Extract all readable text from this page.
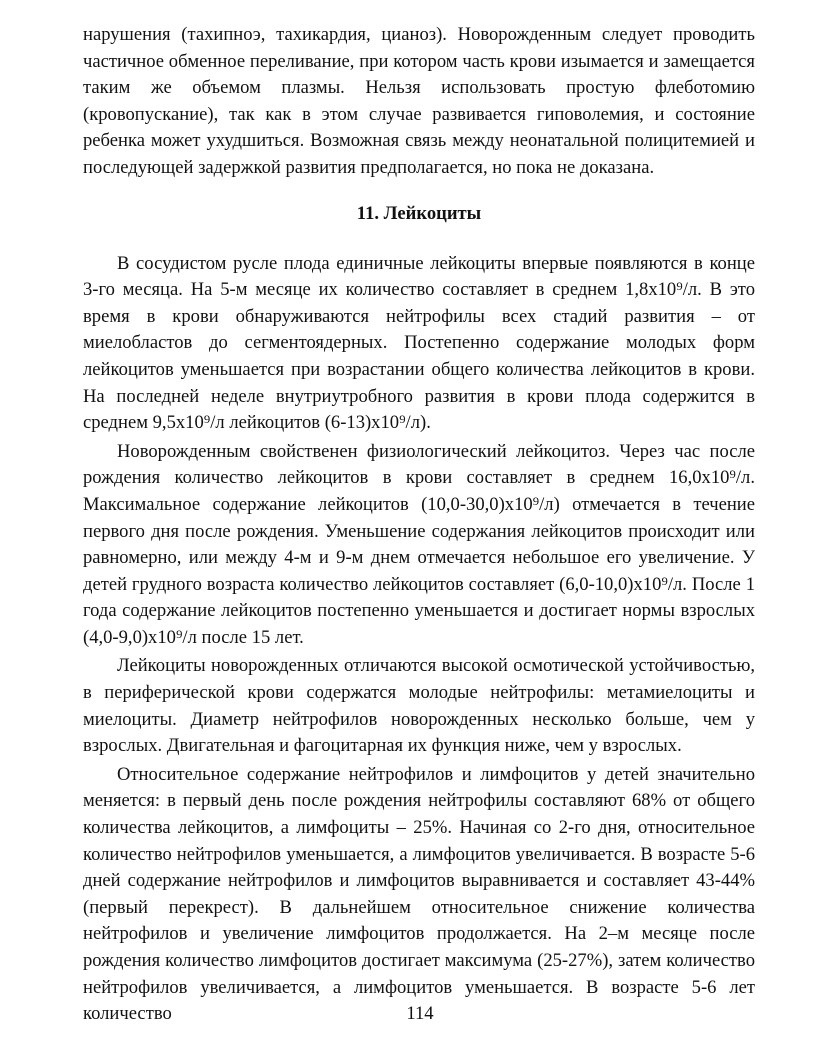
нарушения (тахипноэ, тахикардия, цианоз). Новорожденным следует проводить частичное обменное переливание, при котором часть крови изымается и замещается таким же объемом плазмы. Нельзя использовать простую флеботомию (кровопускание), так как в этом случае развивается гиповолемия, и состояние ребенка может ухудшиться. Возможная связь между неонатальной полицитемией и последующей задержкой развития предполагается, но пока не доказана.

11. Лейкоциты

В сосудистом русле плода единичные лейкоциты впервые появляются в конце 3-го месяца. На 5-м месяце их количество составляет в среднем 1,8x10⁹/л. В это время в крови обнаруживаются нейтрофилы всех стадий развития – от миелобластов до сегментоядерных. Постепенно содержание молодых форм лейкоцитов уменьшается при возрастании общего количества лейкоцитов в крови. На последней неделе внутриутробного развития в крови плода содержится в среднем 9,5x10⁹/л лейкоцитов (6-13)x10⁹/л).

Новорожденным свойственен физиологический лейкоцитоз. Через час после рождения количество лейкоцитов в крови составляет в среднем 16,0x10⁹/л. Максимальное содержание лейкоцитов (10,0-30,0)x10⁹/л) отмечается в течение первого дня после рождения. Уменьшение содержания лейкоцитов происходит или равномерно, или между 4-м и 9-м днем отмечается небольшое его увеличение. У детей грудного возраста количество лейкоцитов составляет (6,0-10,0)x10⁹/л. После 1 года содержание лейкоцитов постепенно уменьшается и достигает нормы взрослых (4,0-9,0)x10⁹/л после 15 лет.

Лейкоциты новорожденных отличаются высокой осмотической устойчивостью, в периферической крови содержатся молодые нейтрофилы: метамиелоциты и миелоциты. Диаметр нейтрофилов новорожденных несколько больше, чем у взрослых. Двигательная и фагоцитарная их функция ниже, чем у взрослых.

Относительное содержание нейтрофилов и лимфоцитов у детей значительно меняется: в первый день после рождения нейтрофилы составляют 68% от общего количества лейкоцитов, а лимфоциты – 25%. Начиная со 2-го дня, относительное количество нейтрофилов уменьшается, а лимфоцитов увеличивается. В возрасте 5-6 дней содержание нейтрофилов и лимфоцитов выравнивается и составляет 43-44% (первый перекрест). В дальнейшем относительное снижение количества нейтрофилов и увеличение лимфоцитов продолжается. На 2–м месяце после рождения количество лимфоцитов достигает максимума (25-27%), затем количество нейтрофилов увеличивается, а лимфоцитов уменьшается. В возрасте 5-6 лет количество	114
